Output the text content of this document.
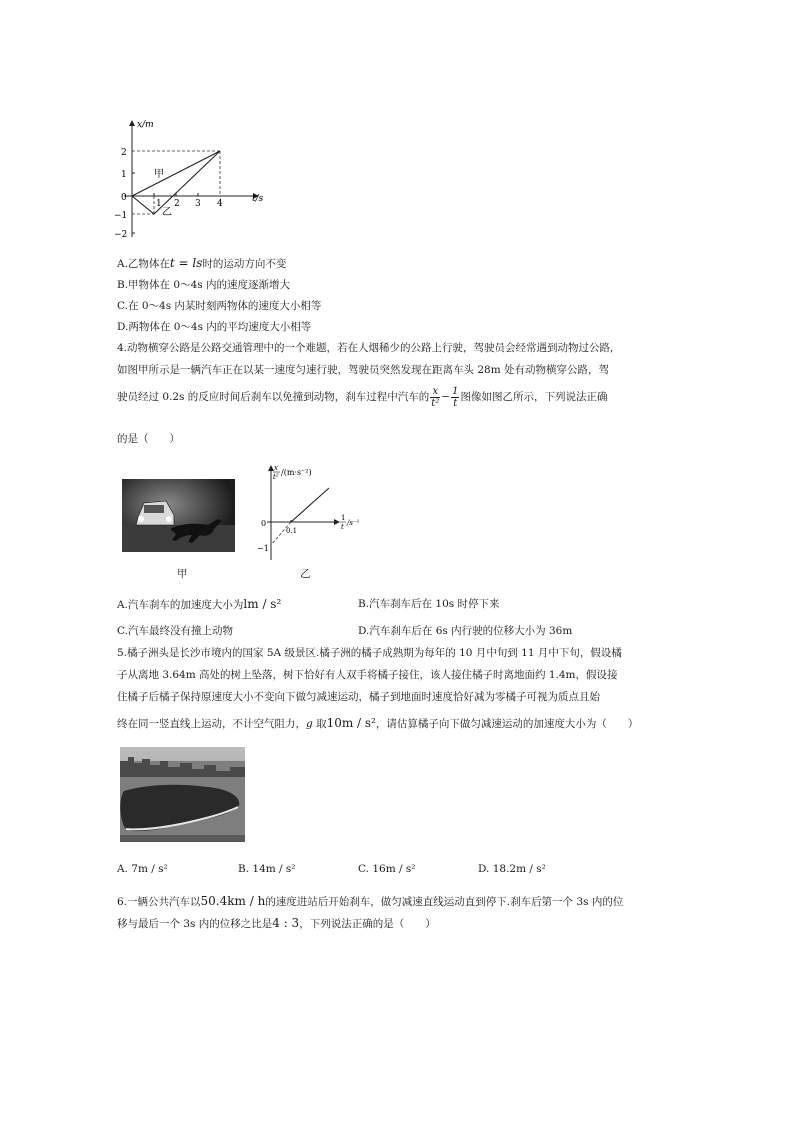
x/m
t/s
2
1
0
−1
−2
1 2 3 4
甲
乙
A.乙物体在t = ls时的运动方向不变
B.甲物体在 0～4s 内的速度逐渐增大
C.在 0～4s 内某时刻两物体的速度大小相等
D.两物体在 0～4s 内的平均速度大小相等
4.动物横穿公路是公路交通管理中的一个难题，若在人烟稀少的公路上行驶，驾驶员会经常遇到动物过公路,
如图甲所示是一辆汽车正在以某一速度匀速行驶，驾驶员突然发现在距离车头 28m 处有动物横穿公路，驾
驶员经过 0.2s 的反应时间后刹车以免撞到动物，刹车过程中汽车的 $\frac{x}{\text{t²}} - \frac{1}{t}$ 图像如图乙所示，下列说法正确
的是（　　）
甲
x
t² /(m·s⁻²)
1
t /s⁻¹
0
0.1
−1
乙
A.汽车刹车的加速度大小为lm / s²	B.汽车刹车后在 10s 时停下来
C.汽车最终没有撞上动物	D.汽车刹车后在 6s 内行驶的位移大小为 36m
5.橘子洲头是长沙市境内的国家 5A 级景区.橘子洲的橘子成熟期为每年的 10 月中旬到 11 月中下旬，假设橘
子从离地 3.64m 高处的树上坠落，树下恰好有人双手将橘子接住，该人接住橘子时离地面约 1.4m，假设接
住橘子后橘子保持原速度大小不变向下做匀减速运动，橘子到地面时速度恰好减为零橘子可视为质点且始
终在同一竖直线上运动，不计空气阻力，g 取10m / s²，请估算橘子向下做匀减速运动的加速度大小为（　　）
A. 7m / s²	B. 14m / s²	C. 16m / s²	D. 18.2m / s²
6.一辆公共汽车以50.4km / h的速度进站后开始刹车，做匀减速直线运动直到停下.刹车后第一个 3s 内的位
移与最后一个 3s 内的位移之比是4 : 3，下列说法正确的是（　　）
